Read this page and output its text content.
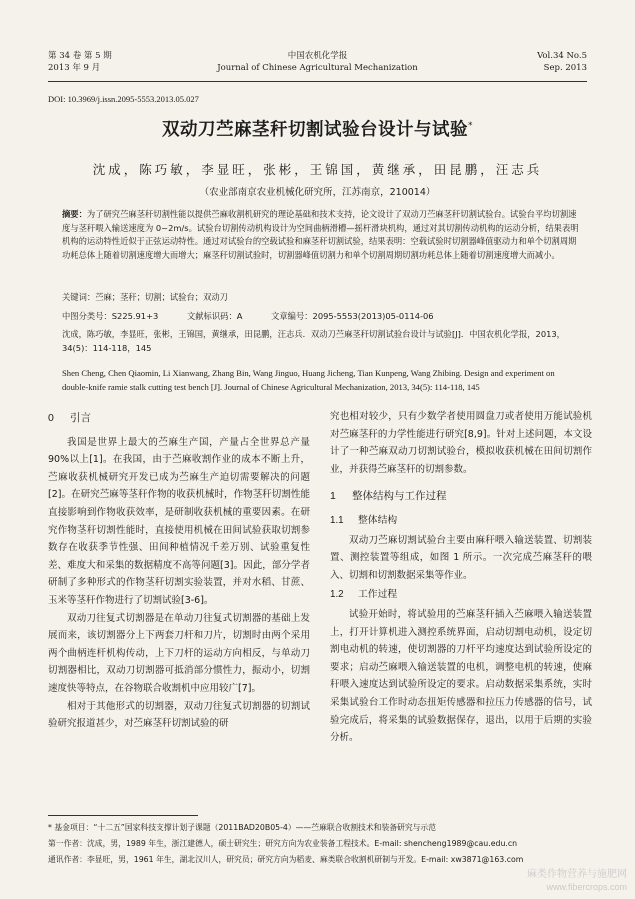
第 34 卷 第 5 期
2013 年 9 月
中国农机化学报
Journal of Chinese Agricultural Mechanization
Vol.34 No.5
Sep. 2013
DOI: 10.3969/j.issn.2095-5553.2013.05.027
双动刀苎麻茎秆切割试验台设计与试验*
沈成，陈巧敏，李显旺，张彬，王锦国，黄继承，田昆鹏，汪志兵
（农业部南京农业机械化研究所，江苏南京，210014）
摘要：为了研究苎麻茎秆切割性能以提供苎麻收割机研究的理论基础和技术支持，论文设计了双动刀苎麻茎秆切割试验台。试验台平均切割速度与茎秆喂入输送速度为 0~2m/s。试验台切割传动机构设计为空间曲柄滑槽—摇杆滑块机构，通过对其切割传动机构的运动分析，结果表明机构的运动特性近似于正弦运动特性。通过对试验台的空载试验和麻茎秆切割试验，结果表明：空载试验时切割器峰值驱动力和单个切割周期功耗总体上随着切割速度增大而增大；麻茎秆切割试验时，切割器峰值切割力和单个切割周期切割功耗总体上随着切割速度增大而减小。
关键词：苎麻；茎秆；切割；试验台；双动刀
中图分类号：S225.91+3	文献标识码：A	文章编号：2095-5553(2013)05-0114-06
沈成，陈巧敏，李显旺，张彬，王锦国，黄继承，田昆鹏，汪志兵．双动刀苎麻茎秆切割试验台设计与试验[J]．中国农机化学报，2013，34(5)：114-118，145
Shen Cheng, Chen Qiaomin, Li Xianwang, Zhang Bin, Wang Jinguo, Huang Jicheng, Tian Kunpeng, Wang Zhibing. Design and experiment on double-knife ramie stalk cutting test bench [J]. Journal of Chinese Agricultural Mechanization, 2013, 34(5): 114-118, 145
0 引言

我国是世界上最大的苎麻生产国，产量占全世界总产量 90%以上[1]。在我国，由于苎麻收割作业的成本不断上升，苎麻收获机械研究开发已成为苎麻生产迫切需要解决的问题[2]。在研究苎麻等茎秆作物的收获机械时，作物茎秆切割性能直接影响到作物收获效率，是研制收获机械的重要因素。在研究作物茎秆切割性能时，直接使用机械在田间试验获取切割参数存在收获季节性强、田间种植情况千差万别、试验重复性差、难度大和采集的数据精度不高等问题[3]。因此，部分学者研制了多种形式的作物茎秆切割实验装置，并对水稻、甘蔗、玉米等茎秆作物进行了切割试验[3-6]。

双动刀往复式切割器是在单动刀往复式切割器的基础上发展而来，该切割器分上下两套刀杆和刀片，切割时由两个采用两个曲柄连杆机构传动，上下刀杆的运动方向相反，与单动刀切割器相比，双动刀切割器可抵消部分惯性力，振动小，切割速度快等特点，在谷物联合收割机中应用较广[7]。

相对于其他形式的切割器，双动刀往复式切割器的切割试验研究报道甚少，对苎麻茎秆切割试验的研

究也相对较少，只有少数学者使用圆盘刀或者使用万能试验机对苎麻茎秆的力学性能进行研究[8,9]。针对上述问题，本文设计了一种苎麻双动刀切割试验台，模拟收获机械在田间切割作业，并获得苎麻茎秆的切割参数。

1 整体结构与工作过程
1.1 整体结构

双动刀苎麻切割试验台主要由麻秆喂入输送装置、切割装置、测控装置等组成，如图 1 所示。一次完成苎麻茎秆的喂入、切割和切割数据采集等作业。

1.2 工作过程

试验开始时，将试验用的苎麻茎秆插入苎麻喂入输送装置上，打开计算机进入测控系统界面，启动切割电动机，设定切割电动机的转速，使切割器的刀杆平均速度达到试验所设定的要求；启动苎麻喂入输送装置的电机，调整电机的转速，使麻秆喂入速度达到试验所设定的要求。启动数据采集系统，实时采集试验台工作时动态扭矩传感器和拉压力传感器的信号，试验完成后，将采集的试验数据保存，退出，以用于后期的实验分析。

* 基金项目：“十二五”国家科技支撑计划子课题（2011BAD20B05-4）——苎麻联合收割技术和装备研究与示范
第一作者：沈成，男，1989 年生，浙江建德人，硕士研究生；研究方向为农业装备工程技术。E-mail: shencheng1989@cau.edu.cn
通讯作者：李显旺，男，1961 年生，湖北汉川人，研究员；研究方向为稻麦、麻类联合收割机研制与开发。E-mail: xw3871@163.com
麻类作物营养与施肥网
www.fibercrops.com
